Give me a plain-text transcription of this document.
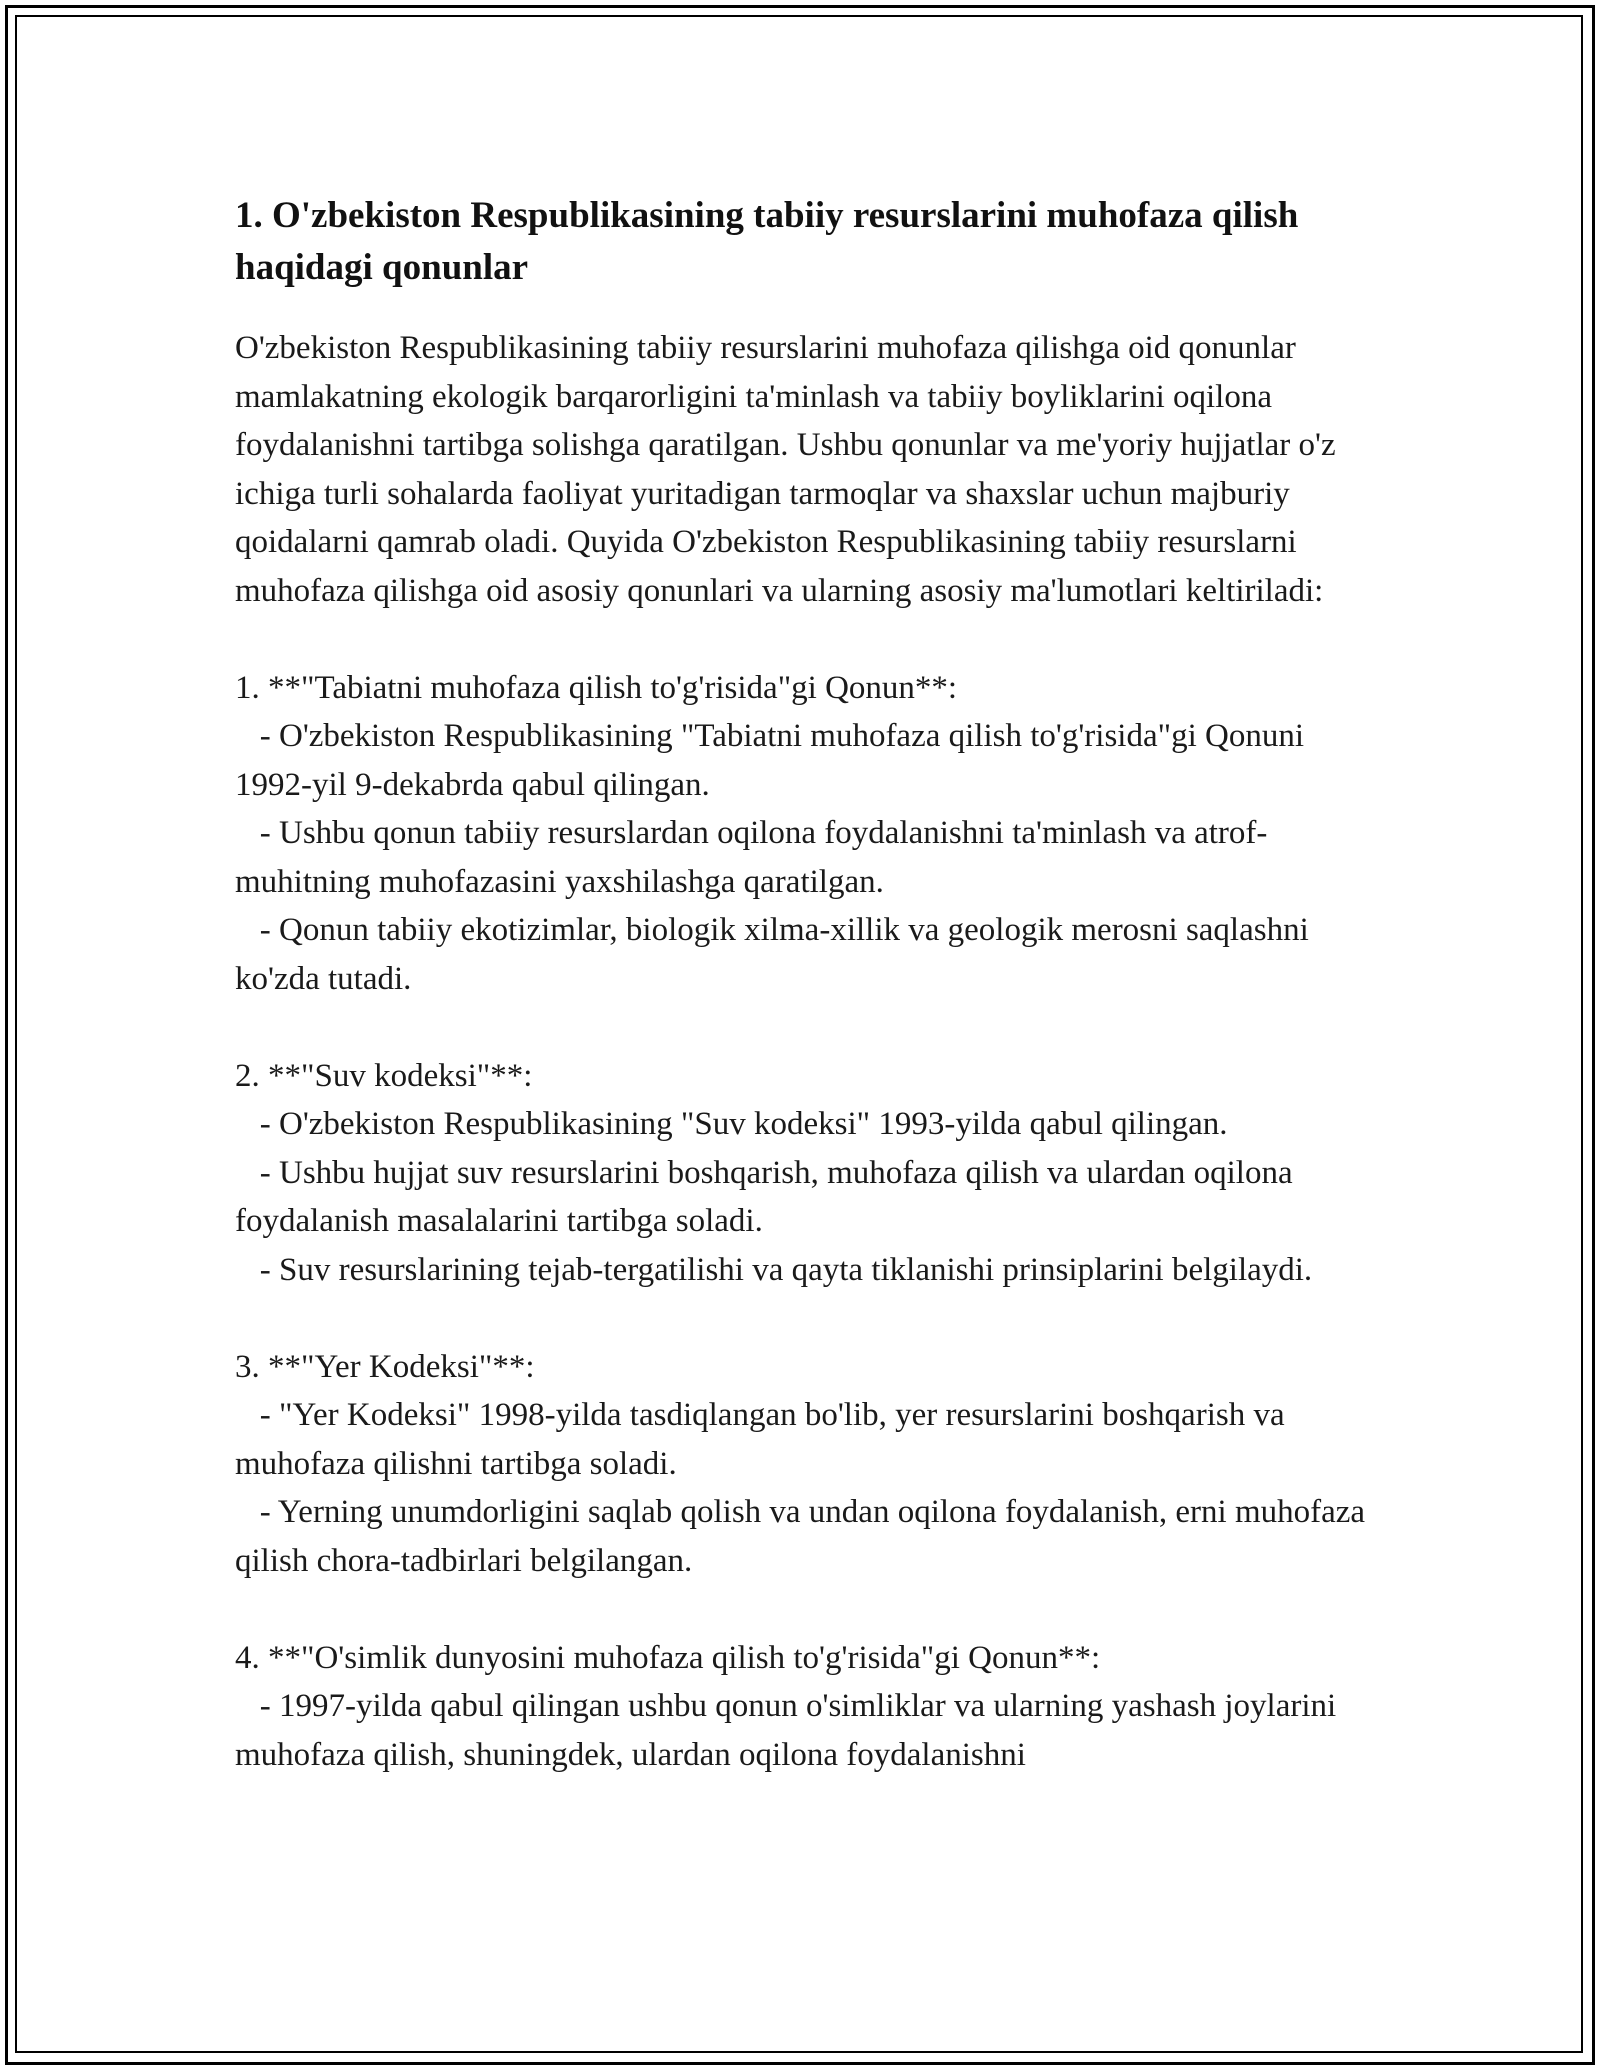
1. O'zbekiston Respublikasining tabiiy resurslarini muhofaza qilish haqidagi qonunlar

O'zbekiston Respublikasining tabiiy resurslarini muhofaza qilishga oid qonunlar mamlakatning ekologik barqarorligini ta'minlash va tabiiy boyliklarini oqilona foydalanishni tartibga solishga qaratilgan. Ushbu qonunlar va me'yoriy hujjatlar o'z ichiga turli sohalarda faoliyat yuritadigan tarmoqlar va shaxslar uchun majburiy qoidalarni qamrab oladi. Quyida O'zbekiston Respublikasining tabiiy resurslarni muhofaza qilishga oid asosiy qonunlari va ularning asosiy ma'lumotlari keltiriladi:

1. **"Tabiatni muhofaza qilish to'g'risida"gi Qonun**:

- O'zbekiston Respublikasining "Tabiatni muhofaza qilish to'g'risida"gi Qonuni 1992-yil 9-dekabrda qabul qilingan.

- Ushbu qonun tabiiy resurslardan oqilona foydalanishni ta'minlash va atrof-muhitning muhofazasini yaxshilashga qaratilgan.

- Qonun tabiiy ekotizimlar, biologik xilma-xillik va geologik merosni saqlashni ko'zda tutadi.

2. **"Suv kodeksi"**:

- O'zbekiston Respublikasining "Suv kodeksi" 1993-yilda qabul qilingan.

- Ushbu hujjat suv resurslarini boshqarish, muhofaza qilish va ulardan oqilona foydalanish masalalarini tartibga soladi.

- Suv resurslarining tejab-tergatilishi va qayta tiklanishi prinsiplarini belgilaydi.

3. **"Yer Kodeksi"**:

- "Yer Kodeksi" 1998-yilda tasdiqlangan bo'lib, yer resurslarini boshqarish va muhofaza qilishni tartibga soladi.

- Yerning unumdorligini saqlab qolish va undan oqilona foydalanish, erni muhofaza qilish chora-tadbirlari belgilangan.

4. **"O'simlik dunyosini muhofaza qilish to'g'risida"gi Qonun**:

- 1997-yilda qabul qilingan ushbu qonun o'simliklar va ularning yashash joylarini muhofaza qilish, shuningdek, ulardan oqilona foydalanishni
